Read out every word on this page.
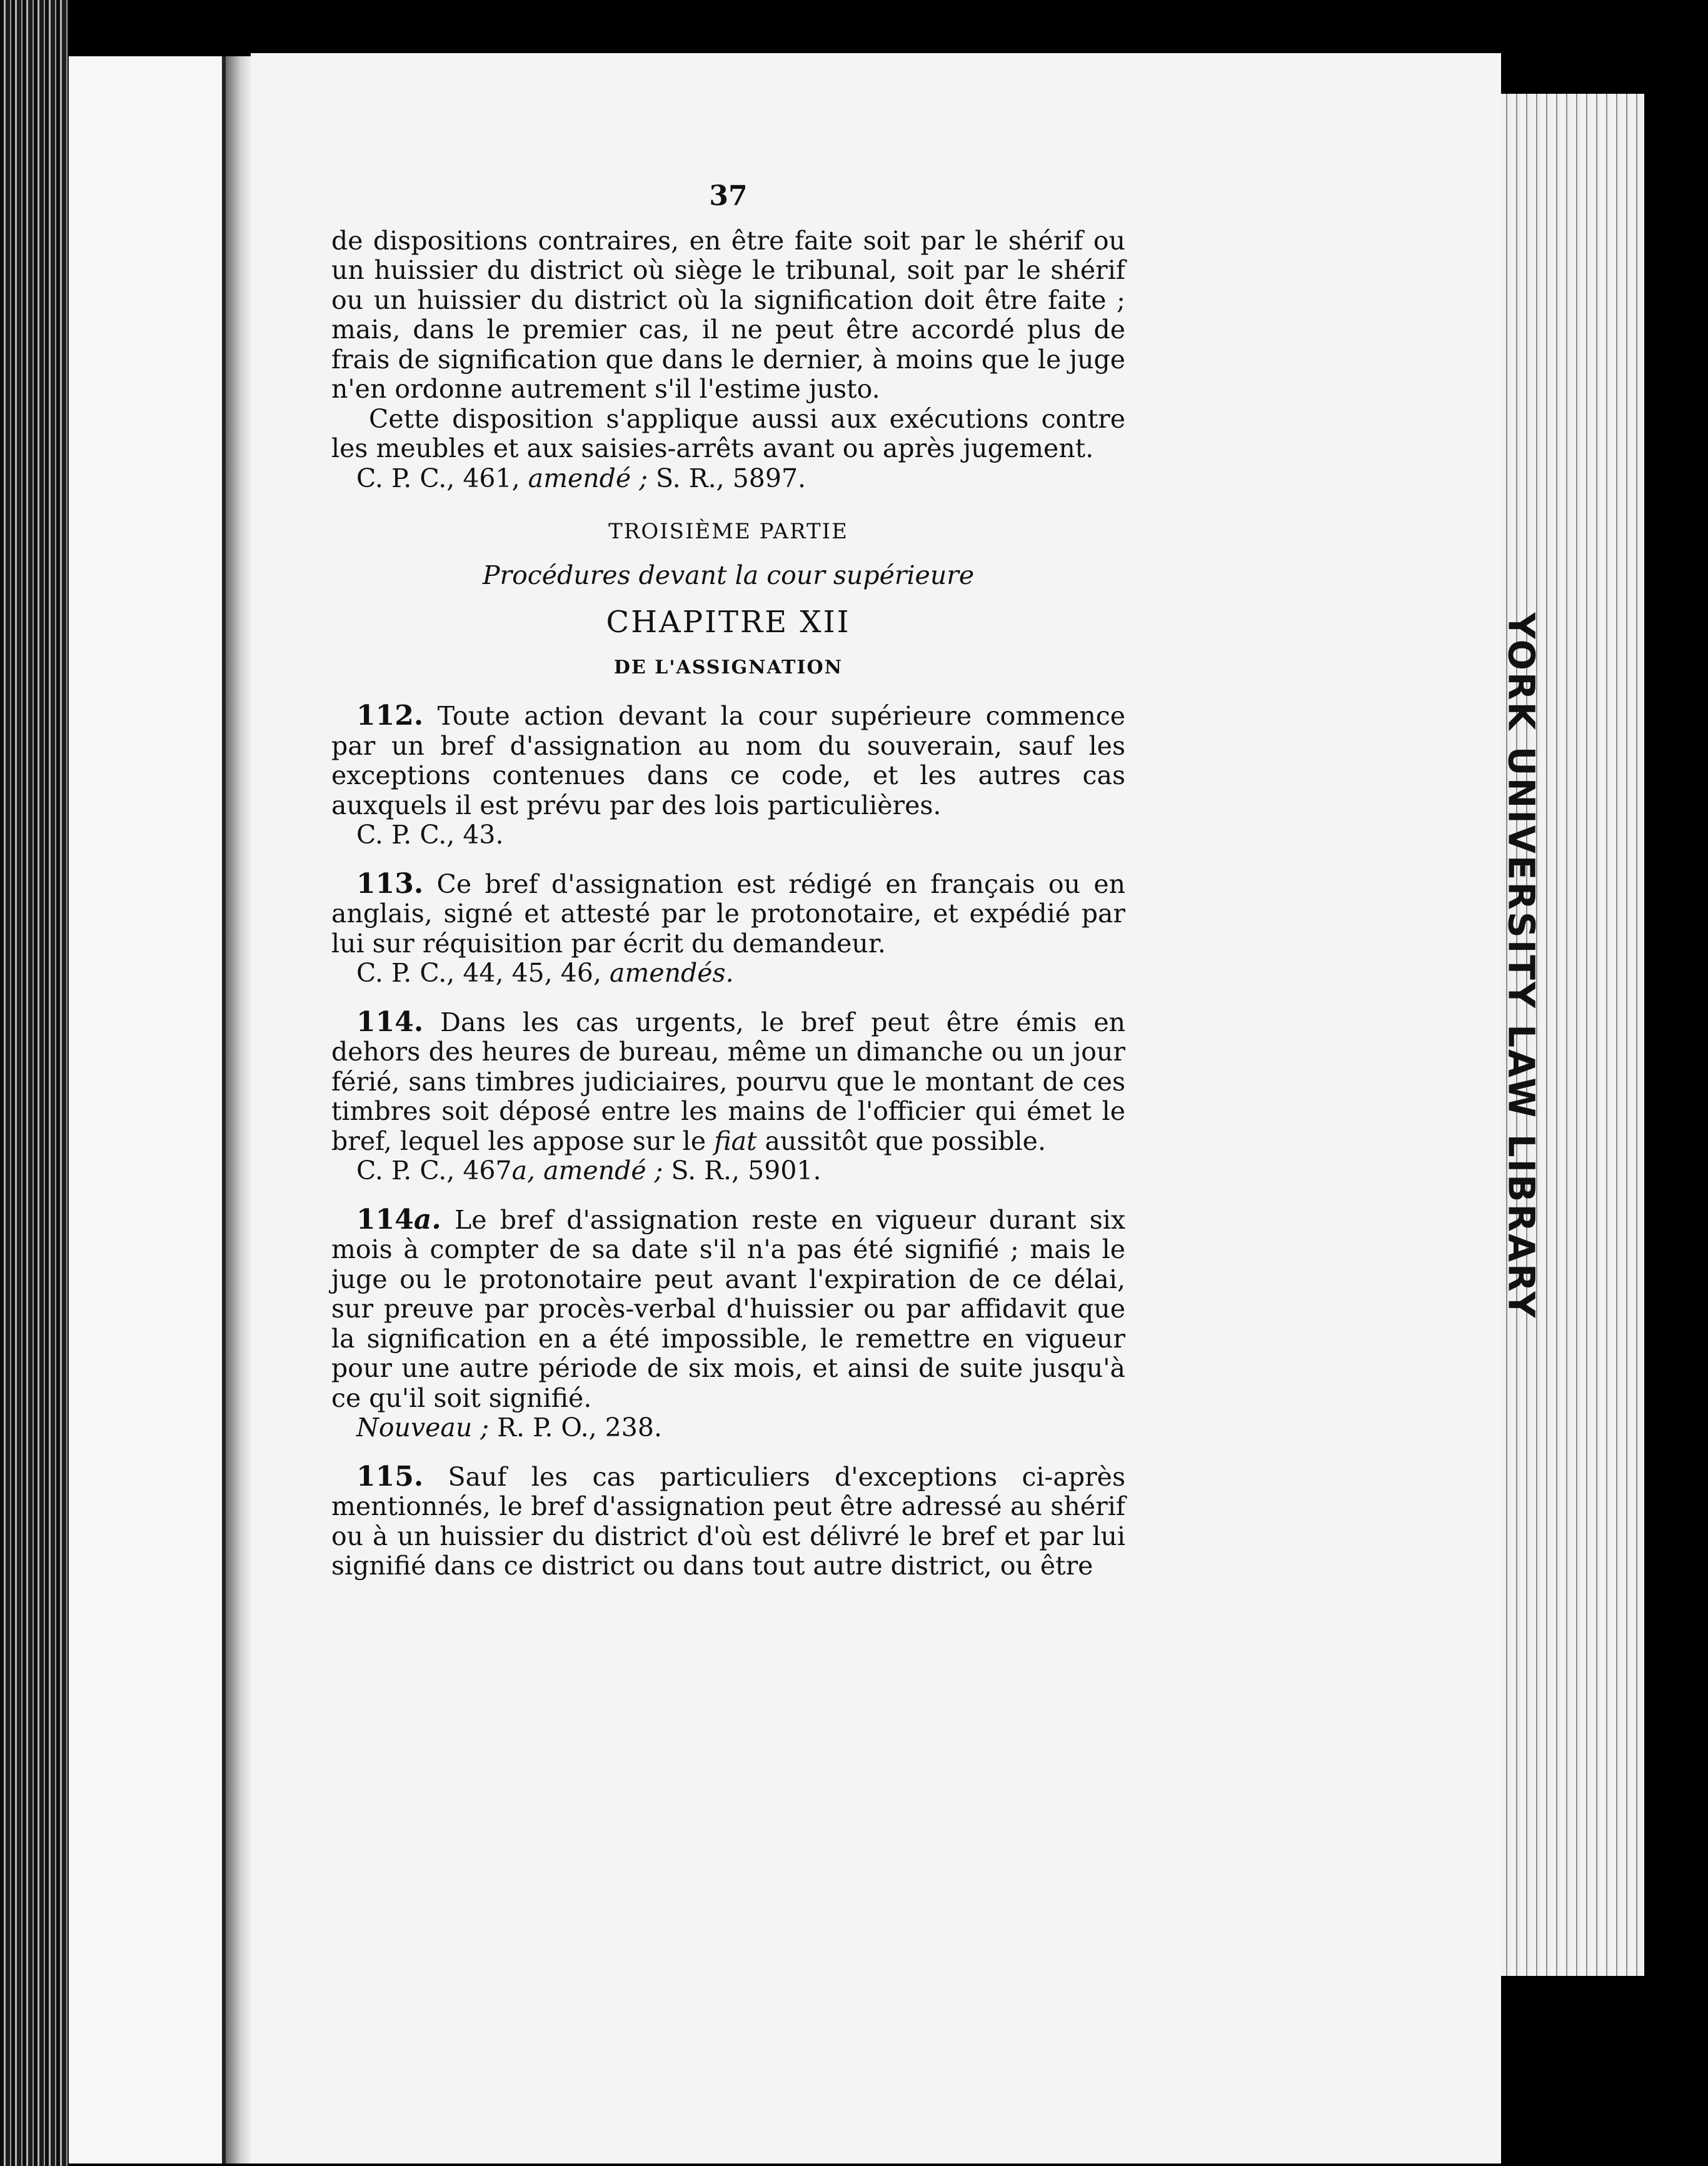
YORK UNIVERSITY LAW LIBRARY
37

de dispositions contraires, en être faite soit par le shérif ou un huissier du district où siège le tribunal, soit par le shérif ou un huissier du district où la signification doit être faite ; mais, dans le premier cas, il ne peut être accordé plus de frais de signification que dans le dernier, à moins que le juge n'en ordonne autrement s'il l'estime justo.

Cette disposition s'applique aussi aux exécutions contre les meubles et aux saisies-arrêts avant ou après jugement.

C. P. C., 461, amendé ; S. R., 5897.

TROISIÈME PARTIE
Procédures devant la cour supérieure
CHAPITRE XII
DE L'ASSIGNATION

112. Toute action devant la cour supérieure commence par un bref d'assignation au nom du souverain, sauf les exceptions contenues dans ce code, et les autres cas auxquels il est prévu par des lois particulières.

C. P. C., 43.

113. Ce bref d'assignation est rédigé en français ou en anglais, signé et attesté par le protonotaire, et expédié par lui sur réquisition par écrit du demandeur.

C. P. C., 44, 45, 46, amendés.

114. Dans les cas urgents, le bref peut être émis en dehors des heures de bureau, même un dimanche ou un jour férié, sans timbres judiciaires, pourvu que le montant de ces timbres soit déposé entre les mains de l'officier qui émet le bref, lequel les appose sur le fiat aussitôt que possible.

C. P. C., 467a, amendé ; S. R., 5901.

114a. Le bref d'assignation reste en vigueur durant six mois à compter de sa date s'il n'a pas été signifié ; mais le juge ou le protonotaire peut avant l'expiration de ce délai, sur preuve par procès-verbal d'huissier ou par affidavit que la signification en a été impossible, le remettre en vigueur pour une autre période de six mois, et ainsi de suite jusqu'à ce qu'il soit signifié.

Nouveau ; R. P. O., 238.

115. Sauf les cas particuliers d'exceptions ci-après mentionnés, le bref d'assignation peut être adressé au shérif ou à un huissier du district d'où est délivré le bref et par lui signifié dans ce district ou dans tout autre district, ou être
